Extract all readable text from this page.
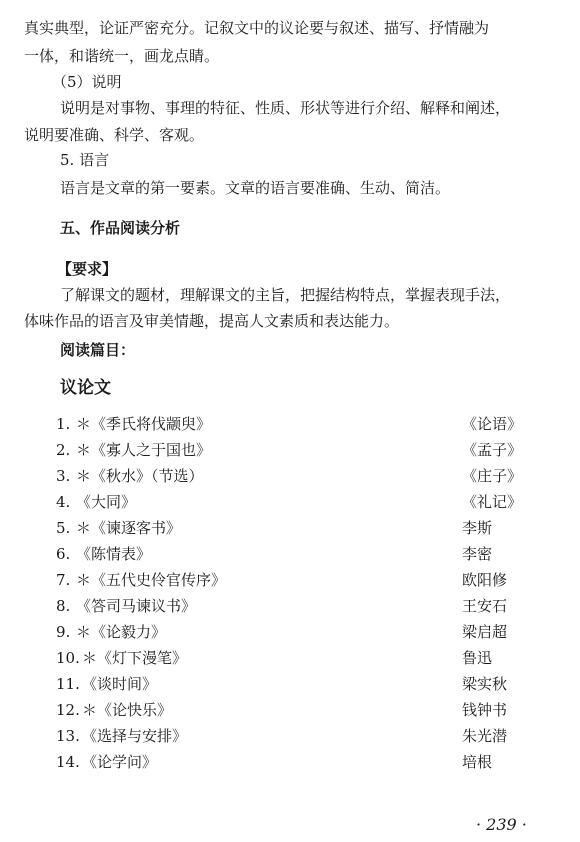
真实典型，论证严密充分。记叙文中的议论要与叙述、描写、抒情融为
一体，和谐统一，画龙点睛。
（5）说明
说明是对事物、事理的特征、性质、形状等进行介绍、解释和阐述，
说明要准确、科学、客观。
5. 语言
语言是文章的第一要素。文章的语言要准确、生动、简洁。
五、作品阅读分析
【要求】
了解课文的题材，理解课文的主旨，把握结构特点，掌握表现手法，
体味作品的语言及审美情趣，提高人文素质和表达能力。
阅读篇目：
议论文
1. ＊《季氏将伐颛臾》	《论语》
2. ＊《寡人之于国也》	《孟子》
3. ＊《秋水》（节选）	《庄子》
4. 《大同》	《礼记》
5. ＊《谏逐客书》	李斯
6. 《陈情表》	李密
7. ＊《五代史伶官传序》	欧阳修
8. 《答司马谏议书》	王安石
9. ＊《论毅力》	梁启超
10. ＊《灯下漫笔》	鲁迅
11. 《谈时间》	梁实秋
12. ＊《论快乐》	钱钟书
13. 《选择与安排》	朱光潜
14. 《论学问》	培根
· 239 ·
